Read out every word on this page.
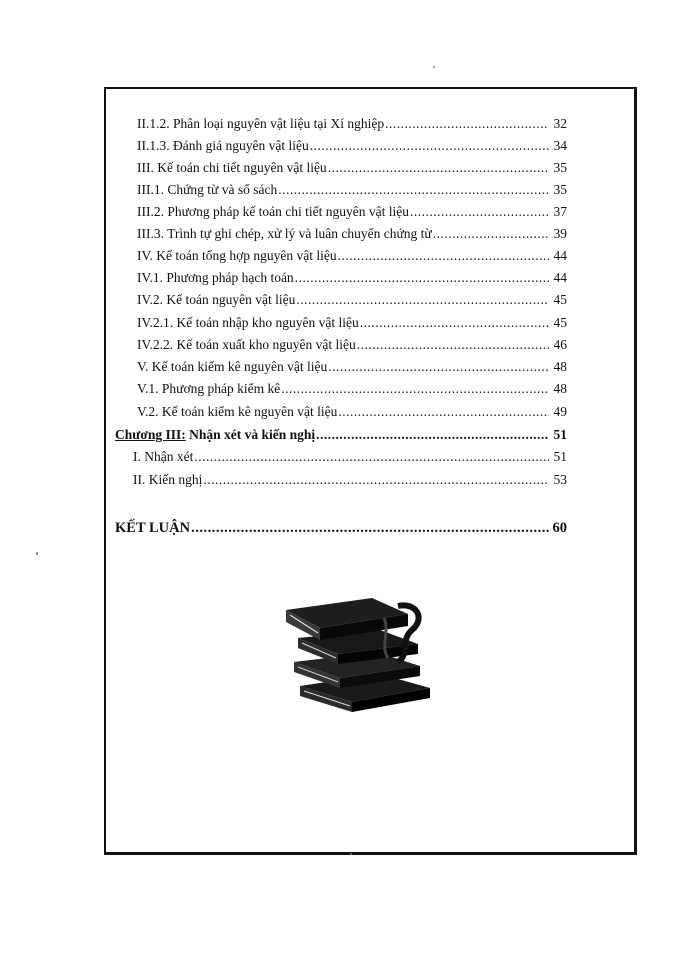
II.1.2. Phân loại nguyên vật liệu tại Xí nghiệp .....	32
II.1.3. Đánh giá nguyên vật liệu .....	34
III. Kế toán chi tiết nguyên vật liệu .....	35
III.1. Chứng từ và sổ sách .....	35
III.2. Phương pháp kế toán chi tiết nguyên vật liệu .....	37
III.3. Trình tự ghi chép, xử lý và luân chuyển chứng từ .....	39
IV. Kế toán tổng hợp nguyên vật liệu .....	44
IV.1. Phương pháp hạch toán .....	44
IV.2. Kế toán nguyên vật liệu .....	45
IV.2.1. Kế toán nhập kho nguyên vật liệu .....	45
IV.2.2. Kế toán xuất kho nguyên vật liệu .....	46
V. Kế toán kiểm kê nguyên vật liệu .....	48
V.1. Phương pháp kiểm kê .....	48
V.2. Kế toán kiểm kê nguyên vật liệu .....	49
Chương III: Nhận xét và kiến nghị .....	51
I. Nhận xét .....	51
II. Kiến nghị .....	53
KẾT LUẬN .....	60
